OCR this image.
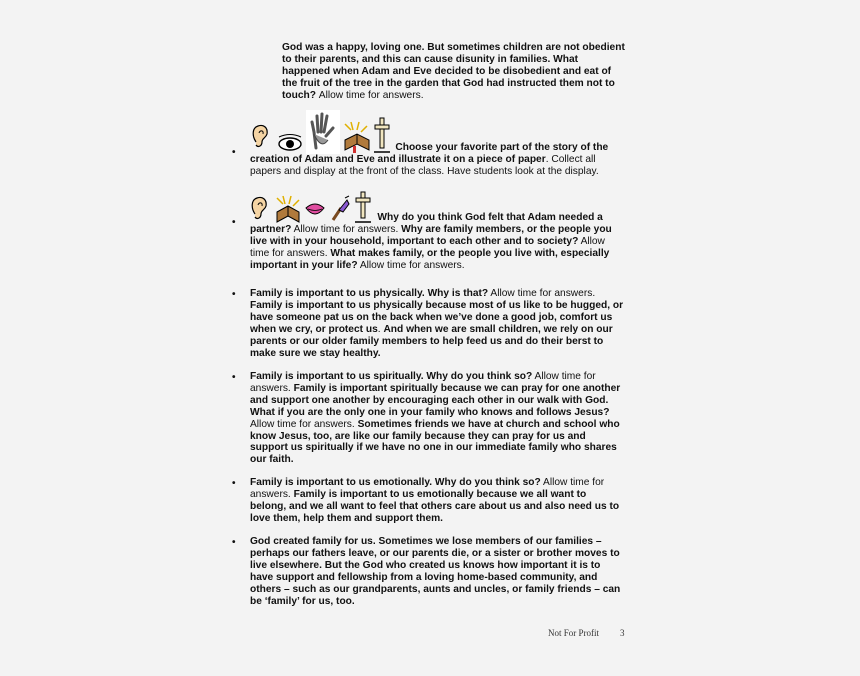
God was a happy, loving one. But sometimes children are not obedient to their parents, and this can cause disunity in families. What happened when Adam and Eve decided to be disobedient and eat of the fruit of the tree in the garden that God had instructed them not to touch? Allow time for answers.
•	Choose your favorite part of the story of the creation of Adam and Eve and illustrate it on a piece of paper. Collect all papers and display at the front of the class. Have students look at the display.
•	Why do you think God felt that Adam needed a partner? Allow time for answers. Why are family members, or the people you live with in your household, important to each other and to society? Allow time for answers. What makes family, or the people you live with, especially important in your life? Allow time for answers.
• Family is important to us physically. Why is that? Allow time for answers. Family is important to us physically because most of us like to be hugged, or have someone pat us on the back when we’ve done a good job, comfort us when we cry, or protect us. And when we are small children, we rely on our parents or our older family members to help feed us and do their berst to make sure we stay healthy.
• Family is important to us spiritually. Why do you think so? Allow time for answers. Family is important spiritually because we can pray for one another and support one another by encouraging each other in our walk with God. What if you are the only one in your family who knows and follows Jesus? Allow time for answers. Sometimes friends we have at church and school who know Jesus, too, are like our family because they can pray for us and support us spiritually if we have no one in our immediate family who shares our faith.
• Family is important to us emotionally. Why do you think so? Allow time for answers. Family is important to us emotionally because we all want to belong, and we all want to feel that others care about us and also need us to love them, help them and support them.
• God created family for us. Sometimes we lose members of our families – perhaps our fathers leave, or our parents die, or a sister or brother moves to live elsewhere. But the God who created us knows how important it is to have support and fellowship from a loving home-based community, and others – such as our grandparents, aunts and uncles, or family friends – can be ‘family’ for us, too.
Not For Profit 3
